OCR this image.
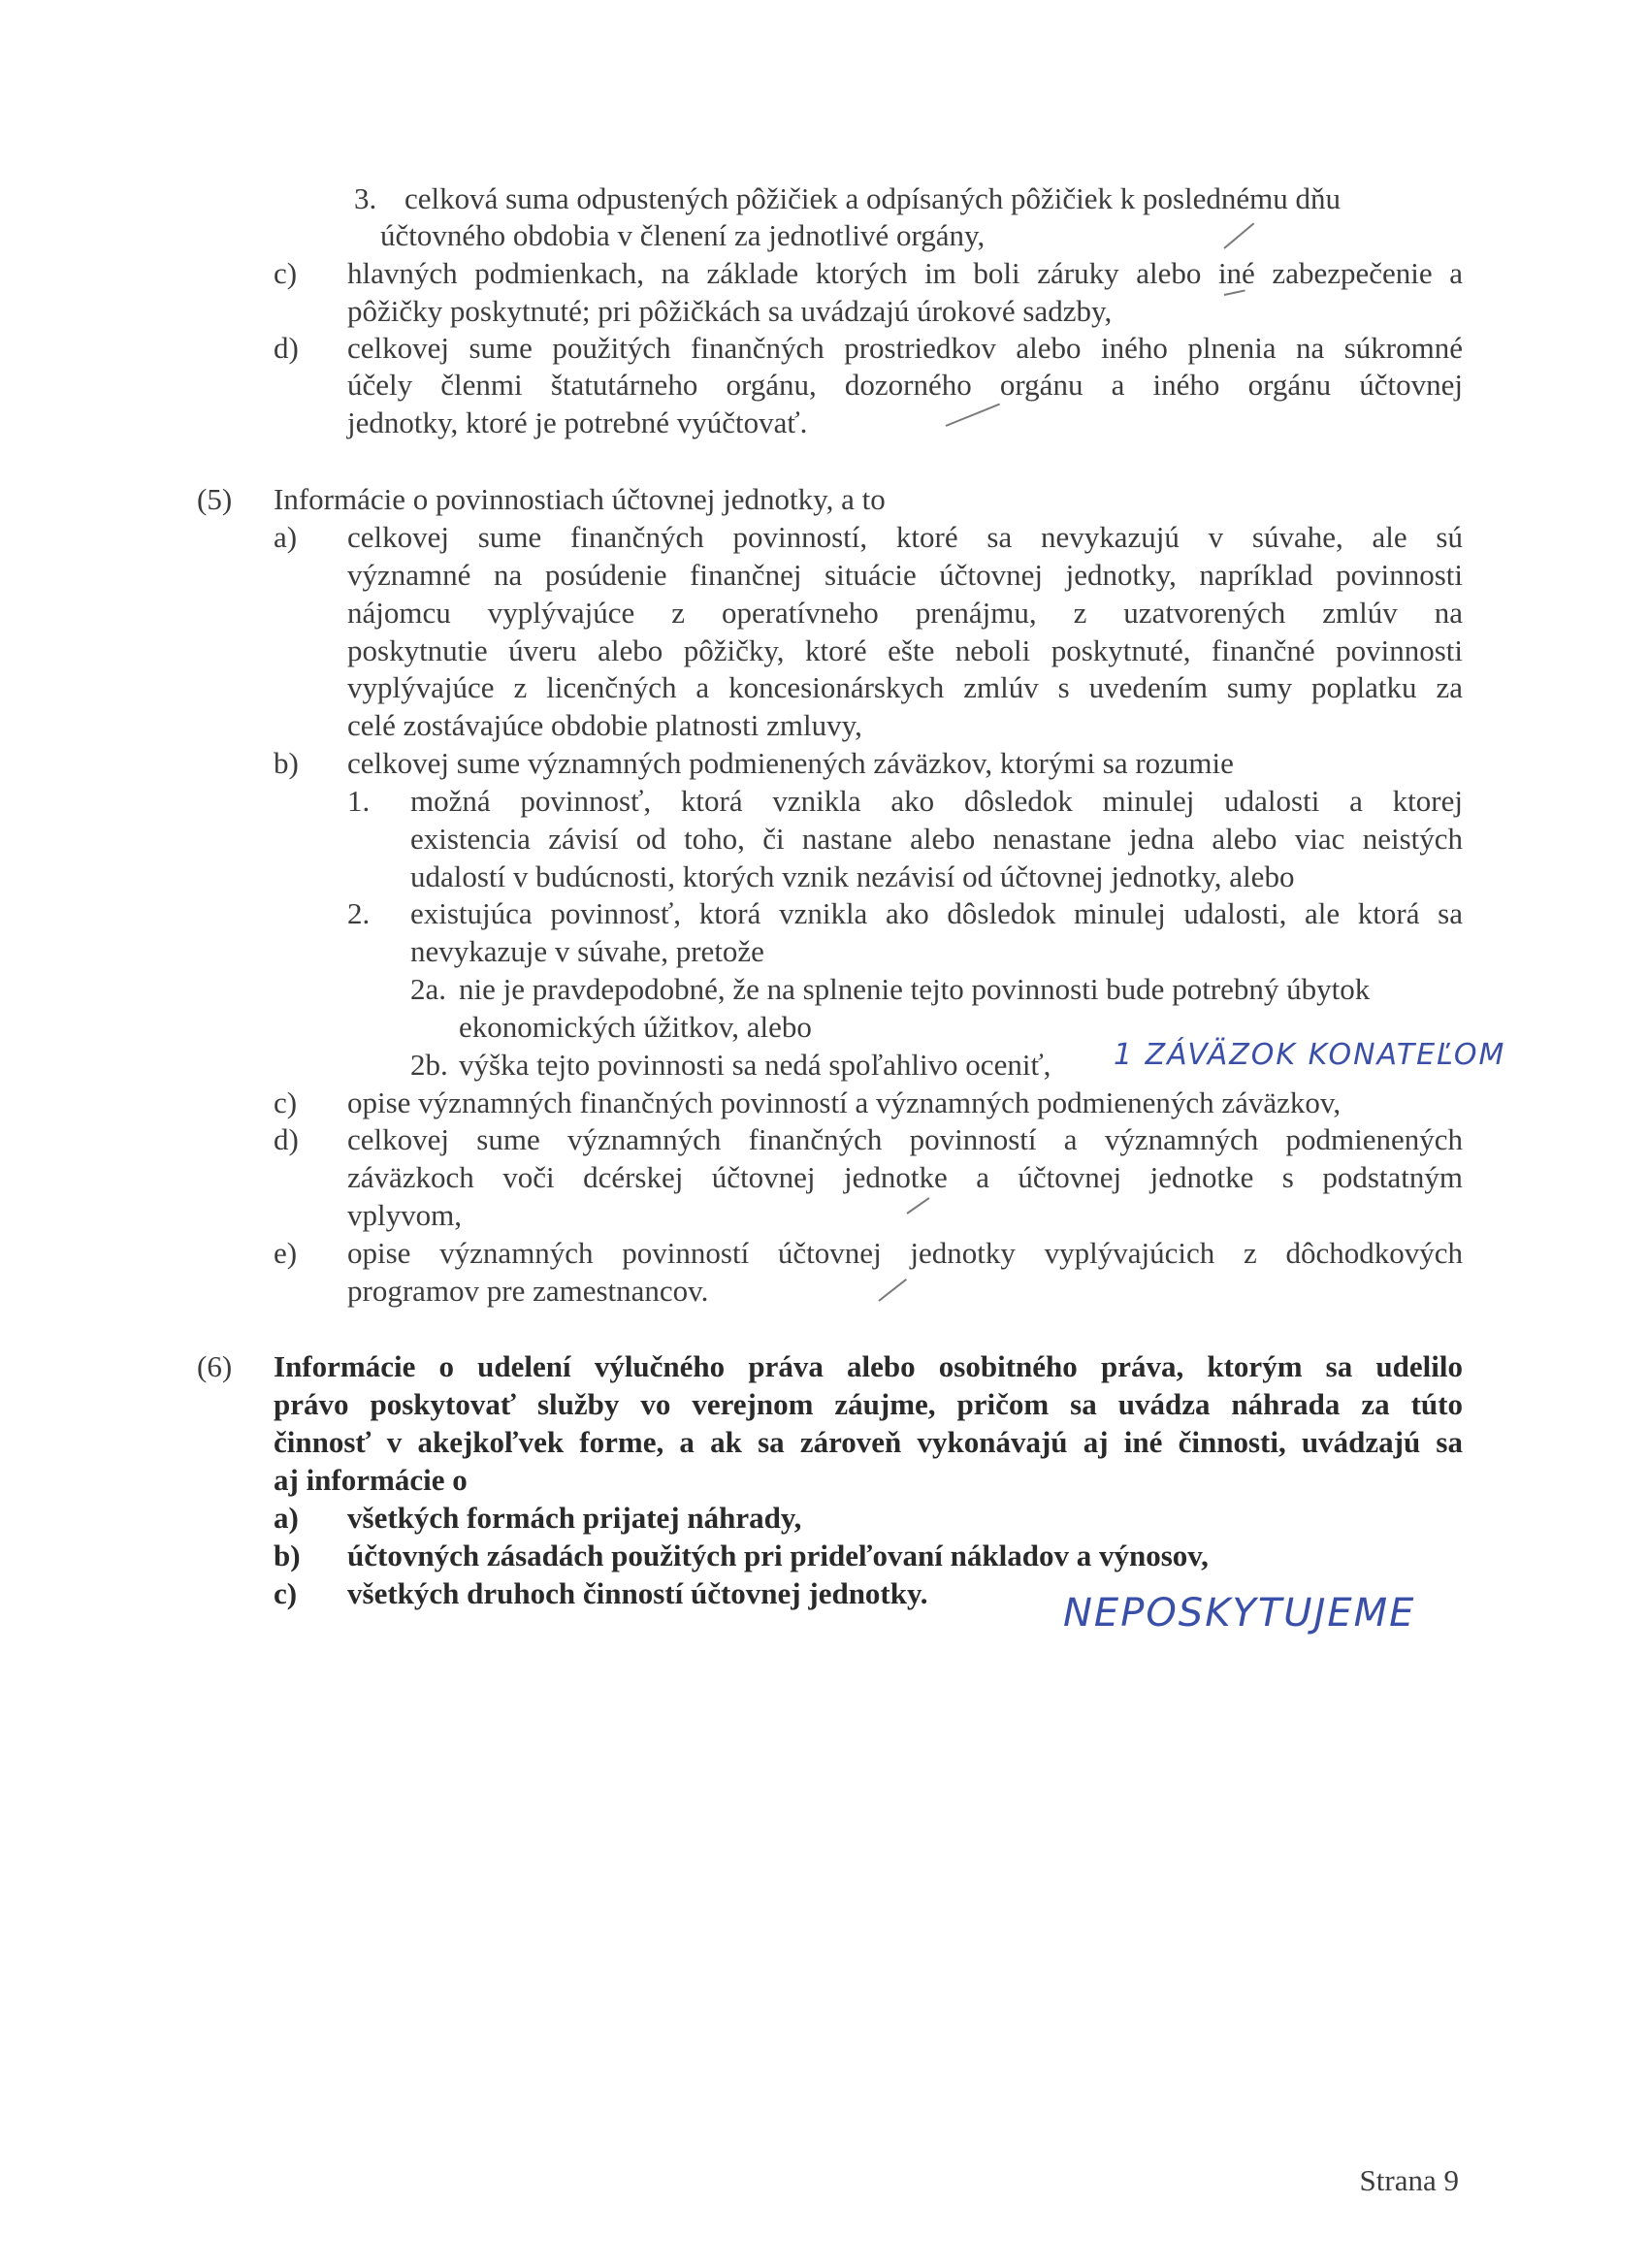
3. celková suma odpustených pôžičiek a odpísaných pôžičiek k poslednému dňu
účtovného obdobia v členení za jednotlivé orgány,
c) hlavných podmienkach, na základe ktorých im boli záruky alebo iné zabezpečenie a
pôžičky poskytnuté; pri pôžičkách sa uvádzajú úrokové sadzby,
d) celkovej sume použitých finančných prostriedkov alebo iného plnenia na súkromné
účely členmi štatutárneho orgánu, dozorného orgánu a iného orgánu účtovnej
jednotky, ktoré je potrebné vyúčtovať.
(5) Informácie o povinnostiach účtovnej jednotky, a to
a) celkovej sume finančných povinností, ktoré sa nevykazujú v súvahe, ale sú
významné na posúdenie finančnej situácie účtovnej jednotky, napríklad povinnosti
nájomcu vyplývajúce z operatívneho prenájmu, z uzatvorených zmlúv na
poskytnutie úveru alebo pôžičky, ktoré ešte neboli poskytnuté, finančné povinnosti
vyplývajúce z licenčných a koncesionárskych zmlúv s uvedením sumy poplatku za
celé zostávajúce obdobie platnosti zmluvy,
b) celkovej sume významných podmienených záväzkov, ktorými sa rozumie
1. možná povinnosť, ktorá vznikla ako dôsledok minulej udalosti a ktorej
existencia závisí od toho, či nastane alebo nenastane jedna alebo viac neistých
udalostí v budúcnosti, ktorých vznik nezávisí od účtovnej jednotky, alebo
2. existujúca povinnosť, ktorá vznikla ako dôsledok minulej udalosti, ale ktorá sa
nevykazuje v súvahe, pretože
2a. nie je pravdepodobné, že na splnenie tejto povinnosti bude potrebný úbytok
ekonomických úžitkov, alebo
2b. výška tejto povinnosti sa nedá spoľahlivo oceniť, 1 ZÁVÄZOK KONATEĽOM
c) opise významných finančných povinností a významných podmienených záväzkov,
d) celkovej sume významných finančných povinností a významných podmienených
záväzkoch voči dcérskej účtovnej jednotke a účtovnej jednotke s podstatným
vplyvom,
e) opise významných povinností účtovnej jednotky vyplývajúcich z dôchodkových
programov pre zamestnancov.
(6) Informácie o udelení výlučného práva alebo osobitného práva, ktorým sa udelilo
právo poskytovať služby vo verejnom záujme, pričom sa uvádza náhrada za túto
činnosť v akejkoľvek forme, a ak sa zároveň vykonávajú aj iné činnosti, uvádzajú sa
aj informácie o
a) všetkých formách prijatej náhrady,
b) účtovných zásadách použitých pri prideľovaní nákladov a výnosov,
c) všetkých druhoch činností účtovnej jednotky.	NEPOSKYTUJEME
Strana 9
